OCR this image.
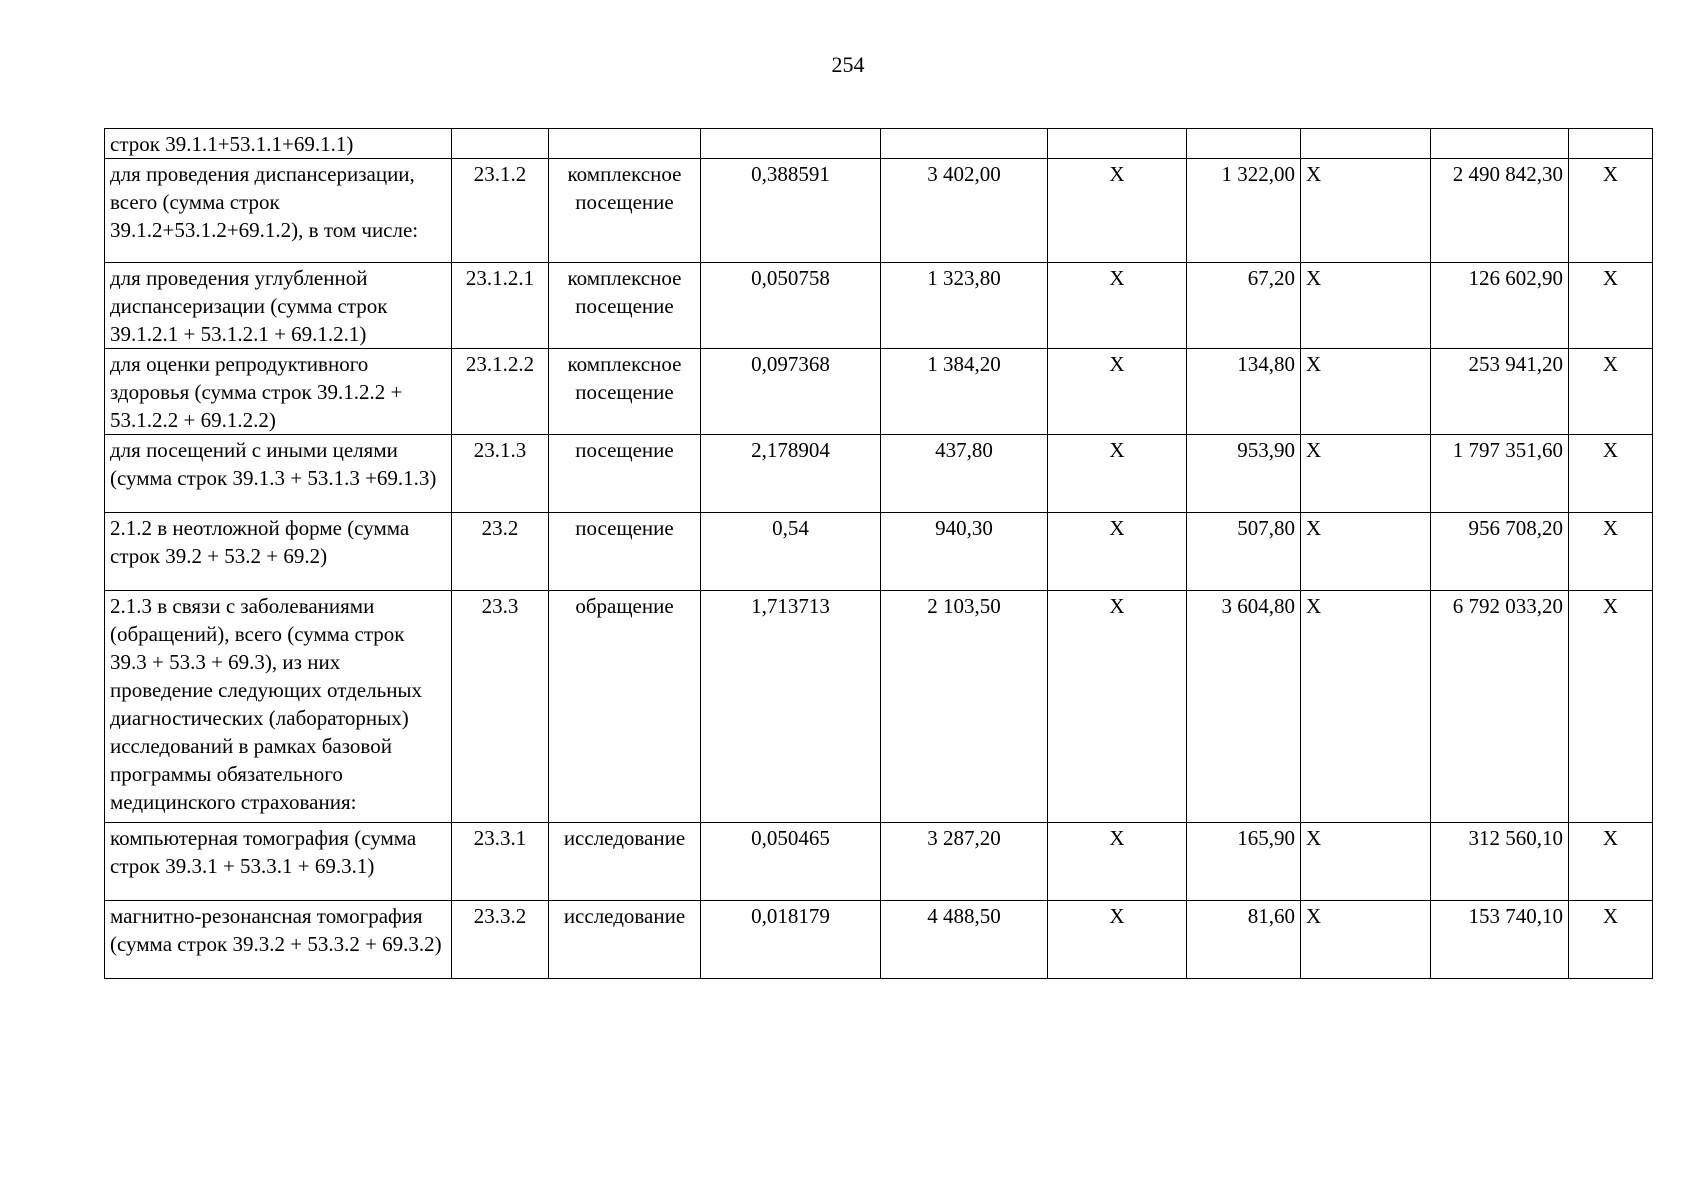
254
строк 39.1.1+53.1.1+69.1.1)									
для проведения диспансеризации, всего (сумма строк 39.1.2+53.1.2+69.1.2), в том числе:	23.1.2	комплексное посещение	0,388591	3 402,00	X	1 322,00	X	2 490 842,30	X
для проведения углубленной диспансеризации (сумма строк 39.1.2.1 + 53.1.2.1 + 69.1.2.1)	23.1.2.1	комплексное посещение	0,050758	1 323,80	X	67,20	X	126 602,90	X
для оценки репродуктивного здоровья (сумма строк 39.1.2.2 + 53.1.2.2 + 69.1.2.2)	23.1.2.2	комплексное посещение	0,097368	1 384,20	X	134,80	X	253 941,20	X
для посещений с иными целями (сумма строк 39.1.3 + 53.1.3 +69.1.3)	23.1.3	посещение	2,178904	437,80	X	953,90	X	1 797 351,60	X
2.1.2 в неотложной форме (сумма строк 39.2 + 53.2 + 69.2)	23.2	посещение	0,54	940,30	X	507,80	X	956 708,20	X
2.1.3 в связи с заболеваниями (обращений), всего (сумма строк 39.3 + 53.3 + 69.3), из них проведение следующих отдельных диагностических (лабораторных) исследований в рамках базовой программы обязательного медицинского страхования:	23.3	обращение	1,713713	2 103,50	X	3 604,80	X	6 792 033,20	X
компьютерная томография (сумма строк 39.3.1 + 53.3.1 + 69.3.1)	23.3.1	исследование	0,050465	3 287,20	X	165,90	X	312 560,10	X
магнитно-резонансная томография (сумма строк 39.3.2 + 53.3.2 + 69.3.2)	23.3.2	исследование	0,018179	4 488,50	X	81,60	X	153 740,10	X
